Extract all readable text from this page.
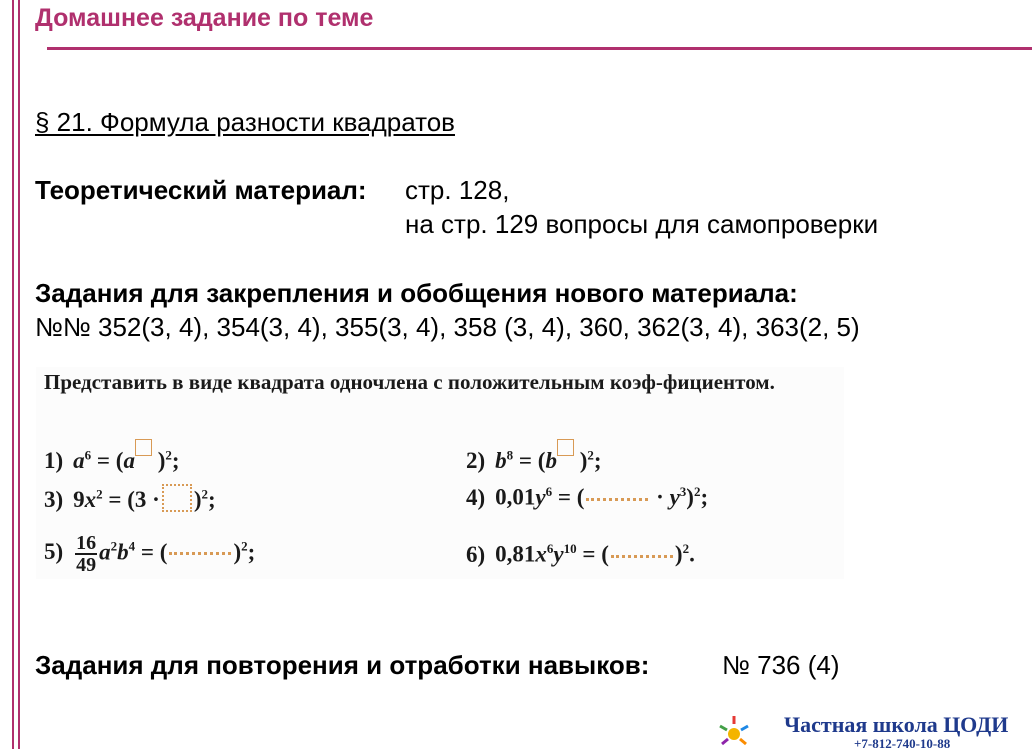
Домашнее задание по теме
§ 21. Формула разности квадратов
Теоретический материал: стр. 128,
на стр. 129 вопросы для самопроверки
Задания для закрепления и обобщения нового материала:
№№ 352(3, 4), 354(3, 4), 355(3, 4), 358 (3, 4), 360, 362(3, 4), 363(2, 5)
Представить в виде квадрата одночлена с положительным коэф-фициентом.
1) $a^6 = (a$ )$^2$;	2) $b^8 = (b$ )$^2$;
3) $9x^2 = (3 \cdot )^2$;	4) $0,01y^6$ = (	· $y^3)^2$;
$5) \frac{16}{49} a^2b^4$ = (	)$^2$;	6) $0,81x^6y^{10}$ = (	)$^2$.
Задания для повторения и отработки навыков:	№ 736 (4)
Частная школа ЦОДИ
+7-812-740-10-88
